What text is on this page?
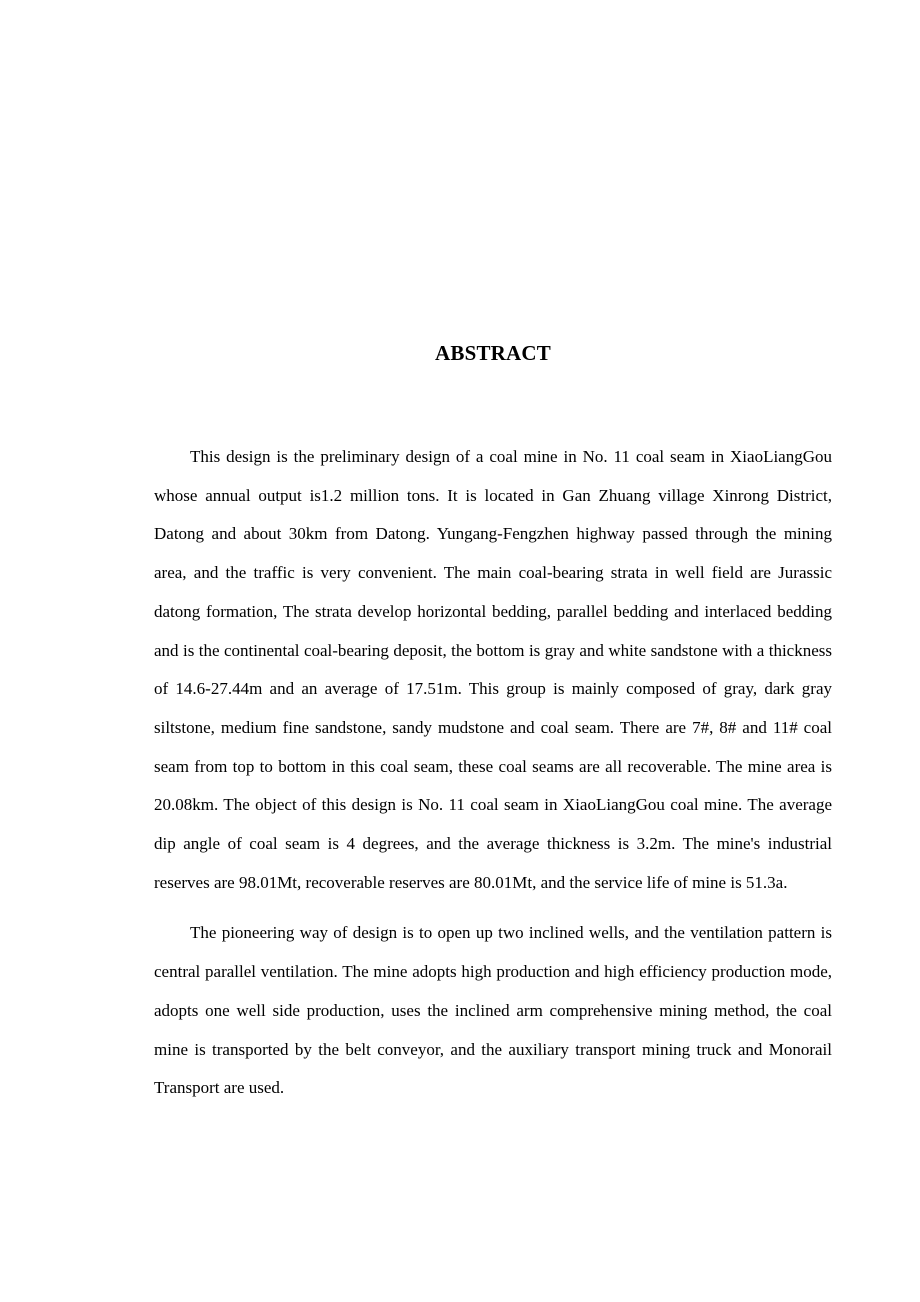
ABSTRACT

This design is the preliminary design of a coal mine in No. 11 coal seam in XiaoLiangGou whose annual output is1.2 million tons. It is located in Gan Zhuang village Xinrong District, Datong and about 30km from Datong. Yungang-Fengzhen highway passed through the mining area, and the traffic is very convenient. The main coal-bearing strata in well field are Jurassic datong formation, The strata develop horizontal bedding, parallel bedding and interlaced bedding and is the continental coal-bearing deposit, the bottom is gray and white sandstone with a thickness of 14.6-27.44m and an average of 17.51m. This group is mainly composed of gray, dark gray siltstone, medium fine sandstone, sandy mudstone and coal seam. There are 7#, 8# and 11# coal seam from top to bottom in this coal seam, these coal seams are all recoverable. The mine area is 20.08km. The object of this design is No. 11 coal seam in XiaoLiangGou coal mine. The average dip angle of coal seam is 4 degrees, and the average thickness is 3.2m. The mine's industrial reserves are 98.01Mt, recoverable reserves are 80.01Mt, and the service life of mine is 51.3a.

The pioneering way of design is to open up two inclined wells, and the ventilation pattern is central parallel ventilation. The mine adopts high production and high efficiency production mode, adopts one well side production, uses the inclined arm comprehensive mining method, the coal mine is transported by the belt conveyor, and the auxiliary transport mining truck and Monorail Transport are used.
